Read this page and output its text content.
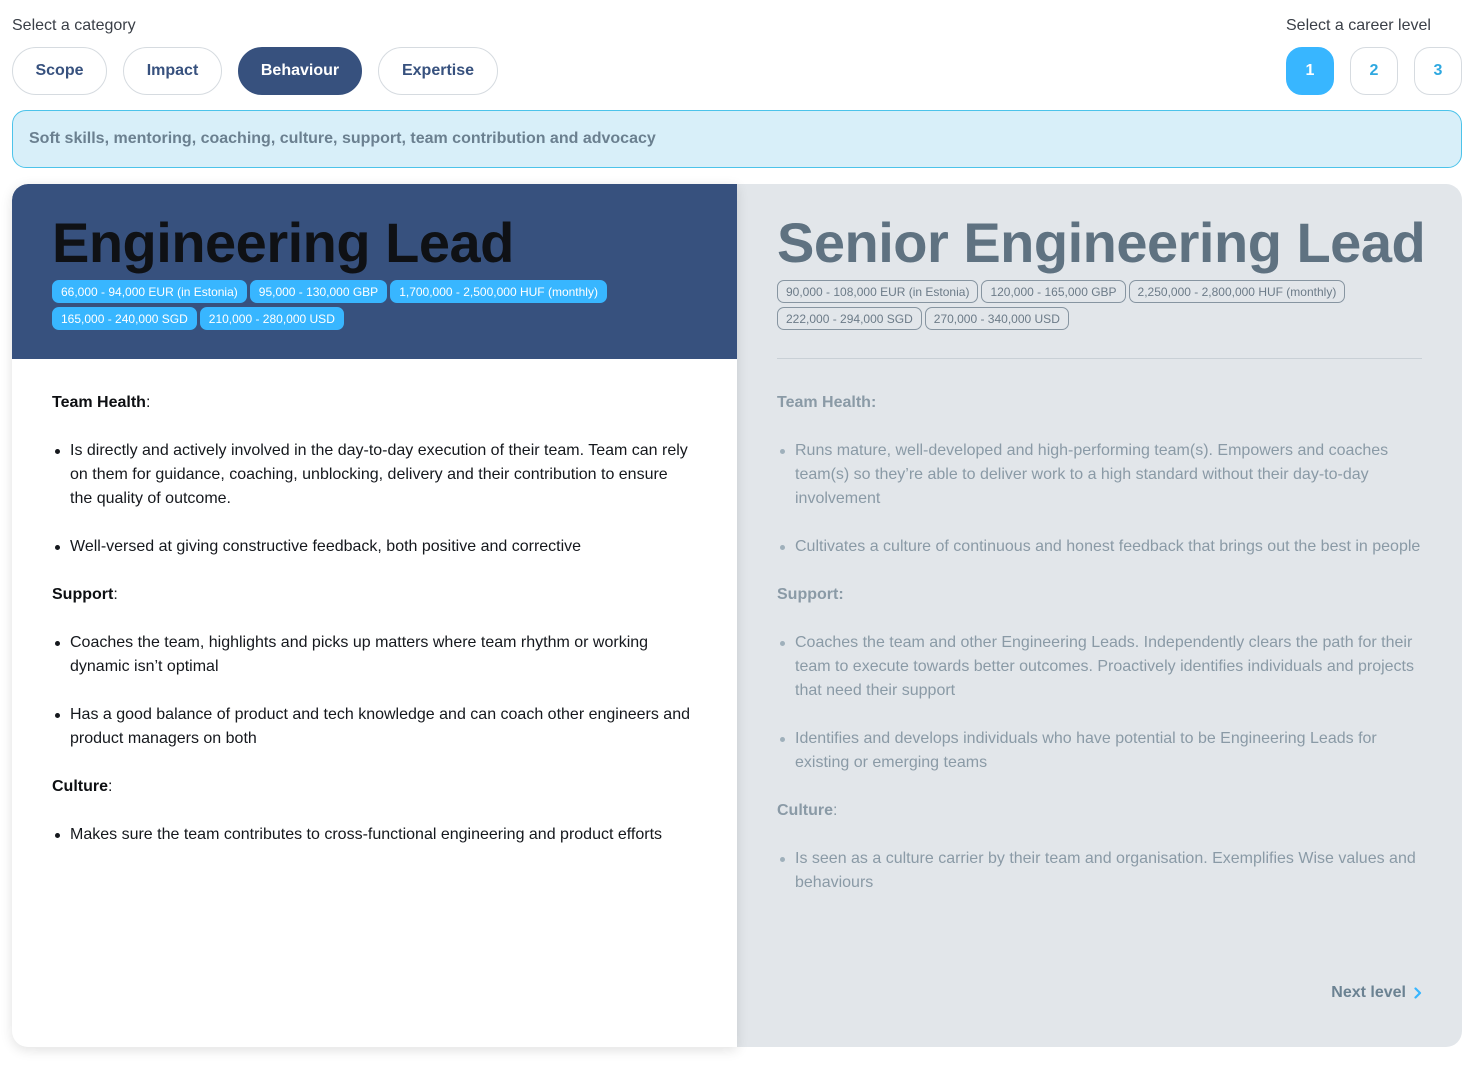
Select a category	Select a career level
Scope	Impact	Behaviour	Expertise	1	2	3
Soft skills, mentoring, coaching, culture, support, team contribution and advocacy
Senior Engineering Lead
90,000 - 108,000 EUR (in Estonia)	120,000 - 165,000 GBP	2,250,000 - 2,800,000 HUF (monthly)
222,000 - 294,000 SGD	270,000 - 340,000 USD
Team Health:
Runs mature, well-developed and high-performing team(s). Empowers and coaches team(s) so they’re able to deliver work to a high standard without their day-to-day involvement
Cultivates a culture of continuous and honest feedback that brings out the best in people
Support:
Coaches the team and other Engineering Leads. Independently clears the path for their team to execute towards better outcomes. Proactively identifies individuals and projects that need their support
Identifies and develops individuals who have potential to be Engineering Leads for existing or emerging teams
Culture:
Is seen as a culture carrier by their team and organisation. Exemplifies Wise values and behaviours
Next level
Engineering Lead
66,000 - 94,000 EUR (in Estonia)	95,000 - 130,000 GBP	1,700,000 - 2,500,000 HUF (monthly)
165,000 - 240,000 SGD	210,000 - 280,000 USD
Team Health:
Is directly and actively involved in the day-to-day execution of their team. Team can rely on them for guidance, coaching, unblocking, delivery and their contribution to ensure the quality of outcome.
Well-versed at giving constructive feedback, both positive and corrective
Support:
Coaches the team, highlights and picks up matters where team rhythm or working dynamic isn’t optimal
Has a good balance of product and tech knowledge and can coach other engineers and product managers on both
Culture:
Makes sure the team contributes to cross-functional engineering and product efforts
